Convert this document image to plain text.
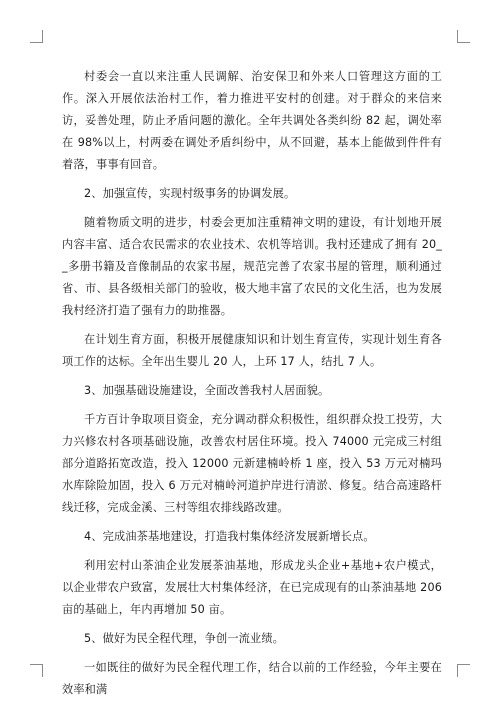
村委会一直以来注重人民调解、治安保卫和外来人口管理这方面的工作。深入开展依法治村工作，着力推进平安村的创建。对于群众的来信来访，妥善处理，防止矛盾问题的激化。全年共调处各类纠纷 82 起，调处率在 98%以上，村两委在调处矛盾纠纷中，从不回避，基本上能做到件件有着落，事事有回音。

2、加强宣传，实现村级事务的协调发展。

随着物质文明的进步，村委会更加注重精神文明的建设，有计划地开展内容丰富、适合农民需求的农业技术、农机等培训。我村还建成了拥有 20__多册书籍及音像制品的农家书屋，规范完善了农家书屋的管理，顺利通过省、市、县各级相关部门的验收，极大地丰富了农民的文化生活，也为发展我村经济打造了强有力的助推器。

在计划生育方面，积极开展健康知识和计划生育宣传，实现计划生育各项工作的达标。全年出生婴儿 20 人，上环 17 人，结扎 7 人。

3、加强基础设施建设，全面改善我村人居面貌。

千方百计争取项目资金，充分调动群众积极性，组织群众投工投劳，大力兴修农村各项基础设施，改善农村居住环境。投入 74000 元完成三村组部分道路拓宽改造，投入 12000 元新建楠岭桥 1 座，投入 53 万元对楠玛水库除险加固，投入 6 万元对楠岭河道护岸进行清淤、修复。结合高速路杆线迁移，完成金溪、三村等组农排线路改建。

4、完成油茶基地建设，打造我村集体经济发展新增长点。

利用宏村山茶油企业发展茶油基地，形成龙头企业+基地+农户模式，以企业带农户致富，发展壮大村集体经济，在已完成现有的山茶油基地 206 亩的基础上，年内再增加 50 亩。

5、做好为民全程代理，争创一流业绩。

一如既往的做好为民全程代理工作，结合以前的工作经验，今年主要在效率和满
